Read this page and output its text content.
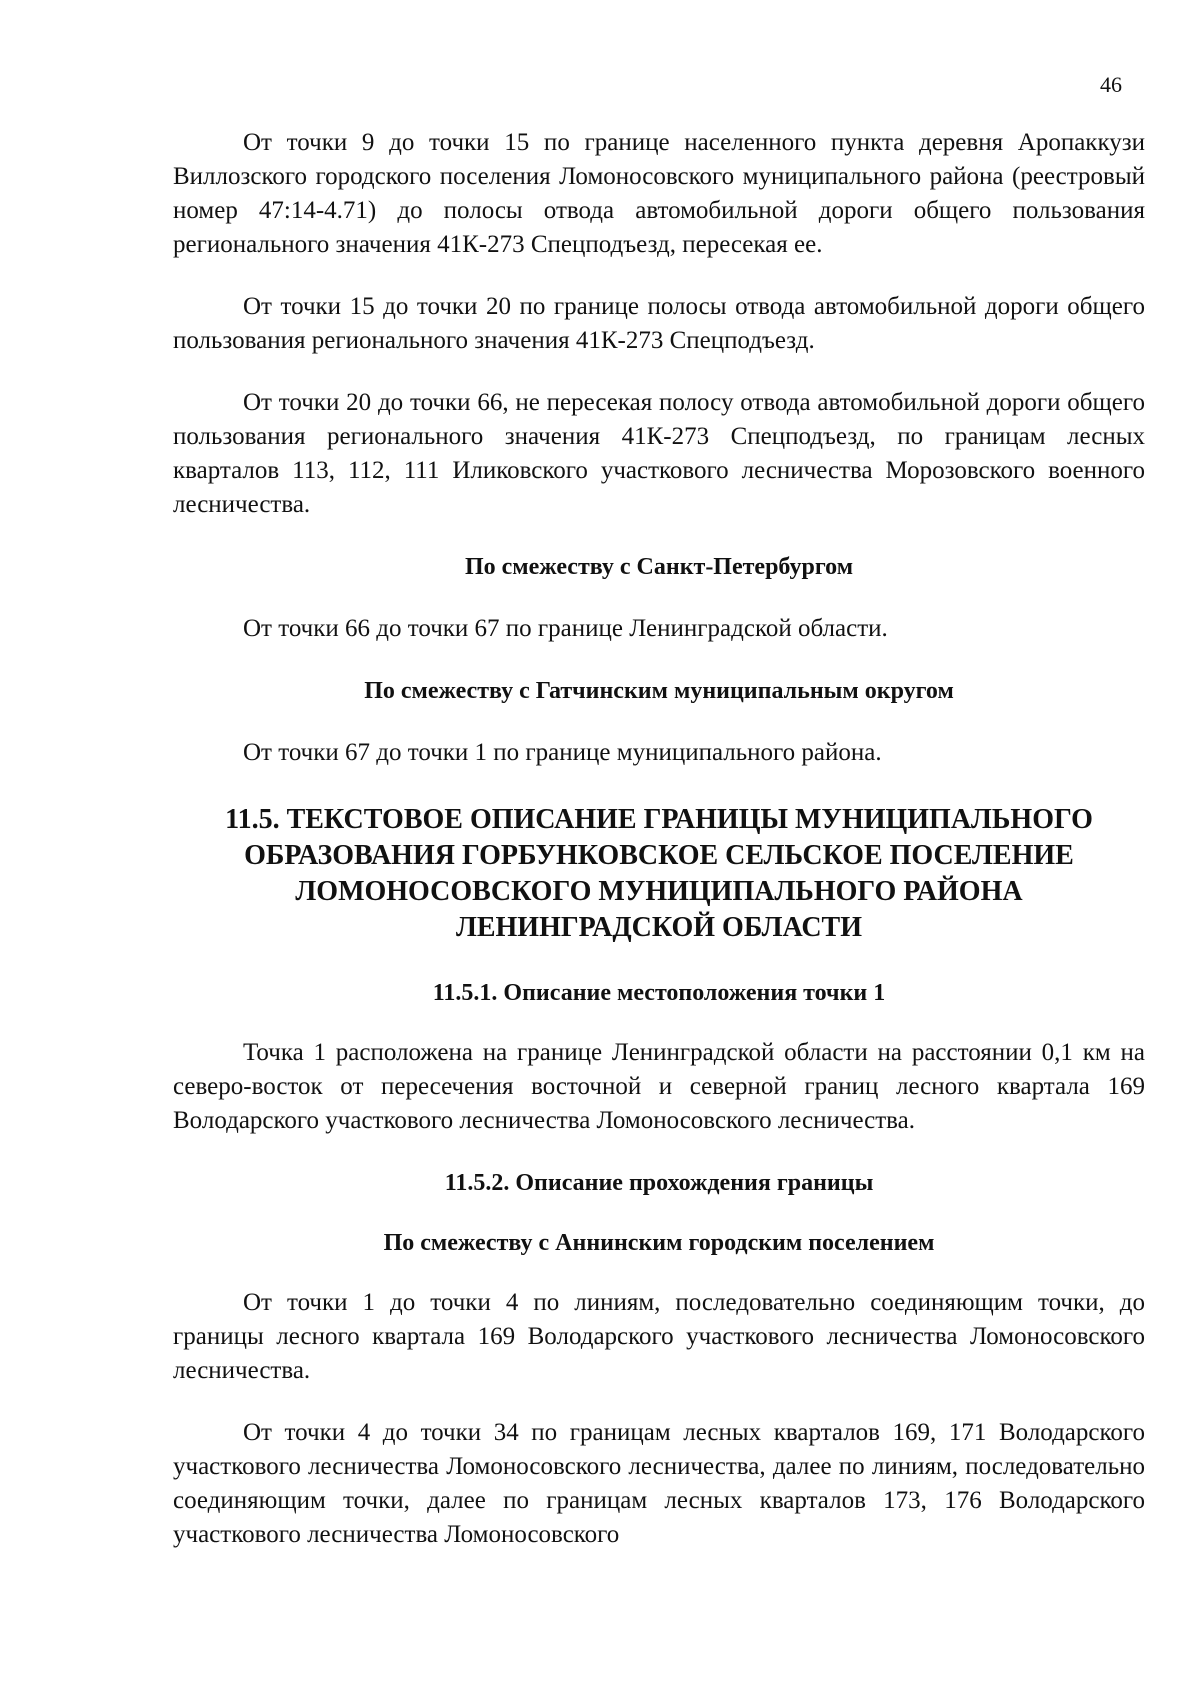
46

От точки 9 до точки 15 по границе населенного пункта деревня Аропаккузи Виллозского городского поселения Ломоносовского муниципального района (реестровый номер 47:14-4.71) до полосы отвода автомобильной дороги общего пользования регионального значения 41К-273 Спецподъезд, пересекая ее.

От точки 15 до точки 20 по границе полосы отвода автомобильной дороги общего пользования регионального значения 41К-273 Спецподъезд.

От точки 20 до точки 66, не пересекая полосу отвода автомобильной дороги общего пользования регионального значения 41К-273 Спецподъезд, по границам лесных кварталов 113, 112, 111 Иликовского участкового лесничества Морозовского военного лесничества.

По смежеству с Санкт-Петербургом

От точки 66 до точки 67 по границе Ленинградской области.

По смежеству с Гатчинским муниципальным округом

От точки 67 до точки 1 по границе муниципального района.

11.5. ТЕКСТОВОЕ ОПИСАНИЕ ГРАНИЦЫ МУНИЦИПАЛЬНОГО ОБРАЗОВАНИЯ ГОРБУНКОВСКОЕ СЕЛЬСКОЕ ПОСЕЛЕНИЕ ЛОМОНОСОВСКОГО МУНИЦИПАЛЬНОГО РАЙОНА ЛЕНИНГРАДСКОЙ ОБЛАСТИ
11.5.1. Описание местоположения точки 1

Точка 1 расположена на границе Ленинградской области на расстоянии 0,1 км на северо-восток от пересечения восточной и северной границ лесного квартала 169 Володарского участкового лесничества Ломоносовского лесничества.

11.5.2. Описание прохождения границы
По смежеству с Аннинским городским поселением

От точки 1 до точки 4 по линиям, последовательно соединяющим точки, до границы лесного квартала 169 Володарского участкового лесничества Ломоносовского лесничества.

От точки 4 до точки 34 по границам лесных кварталов 169, 171 Володарского участкового лесничества Ломоносовского лесничества, далее по линиям, последовательно соединяющим точки, далее по границам лесных кварталов 173, 176 Володарского участкового лесничества Ломоносовского
